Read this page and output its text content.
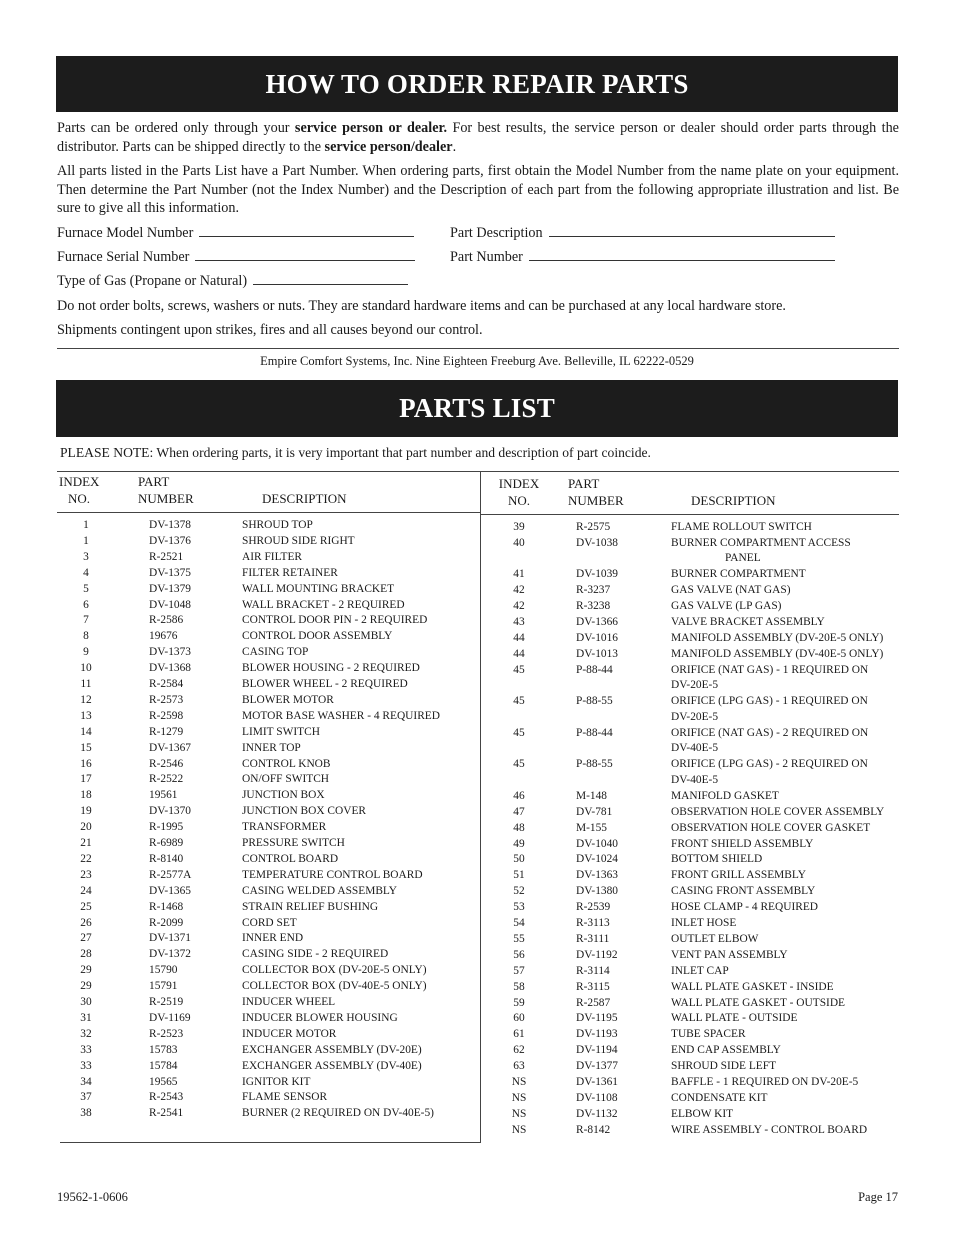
HOW TO ORDER REPAIR PARTS

Parts can be ordered only through your service person or dealer. For best results, the service person or dealer should order parts through the distributor. Parts can be shipped directly to the service person/dealer.

All parts listed in the Parts List have a Part Number. When ordering parts, first obtain the Model Number from the name plate on your equipment. Then determine the Part Number (not the Index Number) and the Description of each part from the following appropriate illustration and list. Be sure to give all this information.

Furnace Model Number	Part Description
Furnace Serial Number	Part Number
Type of Gas (Propane or Natural)

Do not order bolts, screws, washers or nuts. They are standard hardware items and can be purchased at any local hardware store.

Shipments contingent upon strikes, fires and all causes beyond our control.

Empire Comfort Systems, Inc. Nine Eighteen Freeburg Ave. Belleville, IL 62222-0529
PARTS LIST
PLEASE NOTE: When ordering parts, it is very important that part number and description of part coincide.
INDEX
NO.
PART
NUMBER	DESCRIPTION
INDEX
NO.
PART
NUMBER	DESCRIPTION
1	DV-1378	SHROUD TOP
1	DV-1376	SHROUD SIDE RIGHT
3	R-2521	AIR FILTER
4	DV-1375	FILTER RETAINER
5	DV-1379	WALL MOUNTING BRACKET
6	DV-1048	WALL BRACKET - 2 REQUIRED
7	R-2586	CONTROL DOOR PIN - 2 REQUIRED
8	19676	CONTROL DOOR ASSEMBLY
9	DV-1373	CASING TOP
10	DV-1368	BLOWER HOUSING - 2 REQUIRED
11	R-2584	BLOWER WHEEL - 2 REQUIRED
12	R-2573	BLOWER MOTOR
13	R-2598	MOTOR BASE WASHER - 4 REQUIRED
14	R-1279	LIMIT SWITCH
15	DV-1367	INNER TOP
16	R-2546	CONTROL KNOB
17	R-2522	ON/OFF SWITCH
18	19561	JUNCTION BOX
19	DV-1370	JUNCTION BOX COVER
20	R-1995	TRANSFORMER
21	R-6989	PRESSURE SWITCH
22	R-8140	CONTROL BOARD
23	R-2577A	TEMPERATURE CONTROL BOARD
24	DV-1365	CASING WELDED ASSEMBLY
25	R-1468	STRAIN RELIEF BUSHING
26	R-2099	CORD SET
27	DV-1371	INNER END
28	DV-1372	CASING SIDE - 2 REQUIRED
29	15790	COLLECTOR BOX (DV-20E-5 ONLY)
29	15791	COLLECTOR BOX (DV-40E-5 ONLY)
30	R-2519	INDUCER WHEEL
31	DV-1169	INDUCER BLOWER HOUSING
32	R-2523	INDUCER MOTOR
33	15783	EXCHANGER ASSEMBLY (DV-20E)
33	15784	EXCHANGER ASSEMBLY (DV-40E)
34	19565	IGNITOR KIT
37	R-2543	FLAME SENSOR
38	R-2541	BURNER (2 REQUIRED ON DV-40E-5)
39	R-2575	FLAME ROLLOUT SWITCH
40	DV-1038	BURNER COMPARTMENT ACCESS
PANEL
41	DV-1039	BURNER COMPARTMENT
42	R-3237	GAS VALVE (NAT GAS)
42	R-3238	GAS VALVE (LP GAS)
43	DV-1366	VALVE BRACKET ASSEMBLY
44	DV-1016	MANIFOLD ASSEMBLY (DV-20E-5 ONLY)
44	DV-1013	MANIFOLD ASSEMBLY (DV-40E-5 ONLY)
45	P-88-44	ORIFICE (NAT GAS) - 1 REQUIRED ON
DV-20E-5
45	P-88-55	ORIFICE (LPG GAS) - 1 REQUIRED ON
DV-20E-5
45	P-88-44	ORIFICE (NAT GAS) - 2 REQUIRED ON
DV-40E-5
45	P-88-55	ORIFICE (LPG GAS) - 2 REQUIRED ON
DV-40E-5
46	M-148	MANIFOLD GASKET
47	DV-781	OBSERVATION HOLE COVER ASSEMBLY
48	M-155	OBSERVATION HOLE COVER GASKET
49	DV-1040	FRONT SHIELD ASSEMBLY
50	DV-1024	BOTTOM SHIELD
51	DV-1363	FRONT GRILL ASSEMBLY
52	DV-1380	CASING FRONT ASSEMBLY
53	R-2539	HOSE CLAMP - 4 REQUIRED
54	R-3113	INLET HOSE
55	R-3111	OUTLET ELBOW
56	DV-1192	VENT PAN ASSEMBLY
57	R-3114	INLET CAP
58	R-3115	WALL PLATE GASKET - INSIDE
59	R-2587	WALL PLATE GASKET - OUTSIDE
60	DV-1195	WALL PLATE - OUTSIDE
61	DV-1193	TUBE SPACER
62	DV-1194	END CAP ASSEMBLY
63	DV-1377	SHROUD SIDE LEFT
NS	DV-1361	BAFFLE - 1 REQUIRED ON DV-20E-5
NS	DV-1108	CONDENSATE KIT
NS	DV-1132	ELBOW KIT
NS	R-8142	WIRE ASSEMBLY - CONTROL BOARD
19562-1-0606	Page 17
